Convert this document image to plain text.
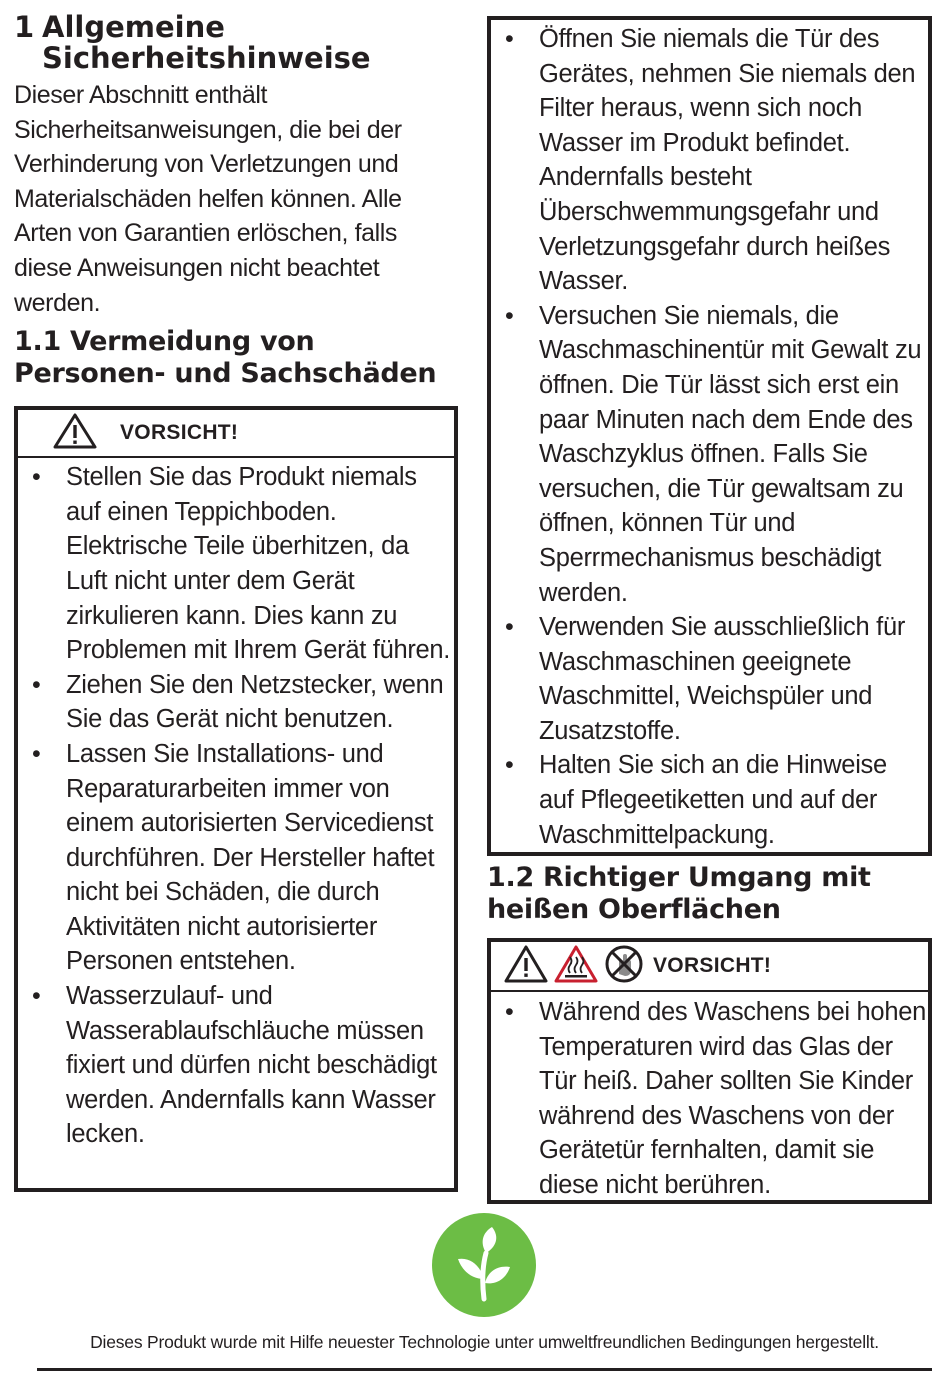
1 Allgemeine
Sicherheitshinweise

Dieser Abschnitt enthält Sicherheitsanweisungen, die bei der Verhinderung von Verletzungen und Materialschäden helfen können. Alle Arten von Garantien erlöschen, falls diese Anweisungen nicht beachtet werden.

1.1 Vermeidung von Personen- und Sachschäden
VORSICHT!
• Stellen Sie das Produkt niemals auf einen Teppichboden. Elektrische Teile überhitzen, da Luft nicht unter dem Gerät zirkulieren kann. Dies kann zu Problemen mit Ihrem Gerät führen.
• Ziehen Sie den Netzstecker, wenn Sie das Gerät nicht benutzen.
• Lassen Sie Installations- und Reparaturarbeiten immer von einem autorisierten Servicedienst durchführen. Der Hersteller haftet nicht bei Schäden, die durch Aktivitäten nicht autorisierter Personen entstehen.
• Wasserzulauf- und Wasserablaufschläuche müssen fixiert und dürfen nicht beschädigt werden. Andernfalls kann Wasser lecken.
• Öffnen Sie niemals die Tür des Gerätes, nehmen Sie niemals den Filter heraus, wenn sich noch Wasser im Produkt befindet. Andernfalls besteht Überschwemmungsgefahr und Verletzungsgefahr durch heißes Wasser.
• Versuchen Sie niemals, die Waschmaschinentür mit Gewalt zu öffnen. Die Tür lässt sich erst ein paar Minuten nach dem Ende des Waschzyklus öffnen. Falls Sie versuchen, die Tür gewaltsam zu öffnen, können Tür und Sperrmechanismus beschädigt werden.
• Verwenden Sie ausschließlich für Waschmaschinen geeignete Waschmittel, Weichspüler und Zusatzstoffe.
• Halten Sie sich an die Hinweise auf Pflegeetiketten und auf der Waschmittelpackung.
1.2 Richtiger Umgang mit heißen Oberflächen
VORSICHT!
• Während des Waschens bei hohen Temperaturen wird das Glas der Tür heiß. Daher sollten Sie Kinder während des Waschens von der Gerätetür fernhalten, damit sie diese nicht berühren.
Dieses Produkt wurde mit Hilfe neuester Technologie unter umweltfreundlichen Bedingungen hergestellt.
